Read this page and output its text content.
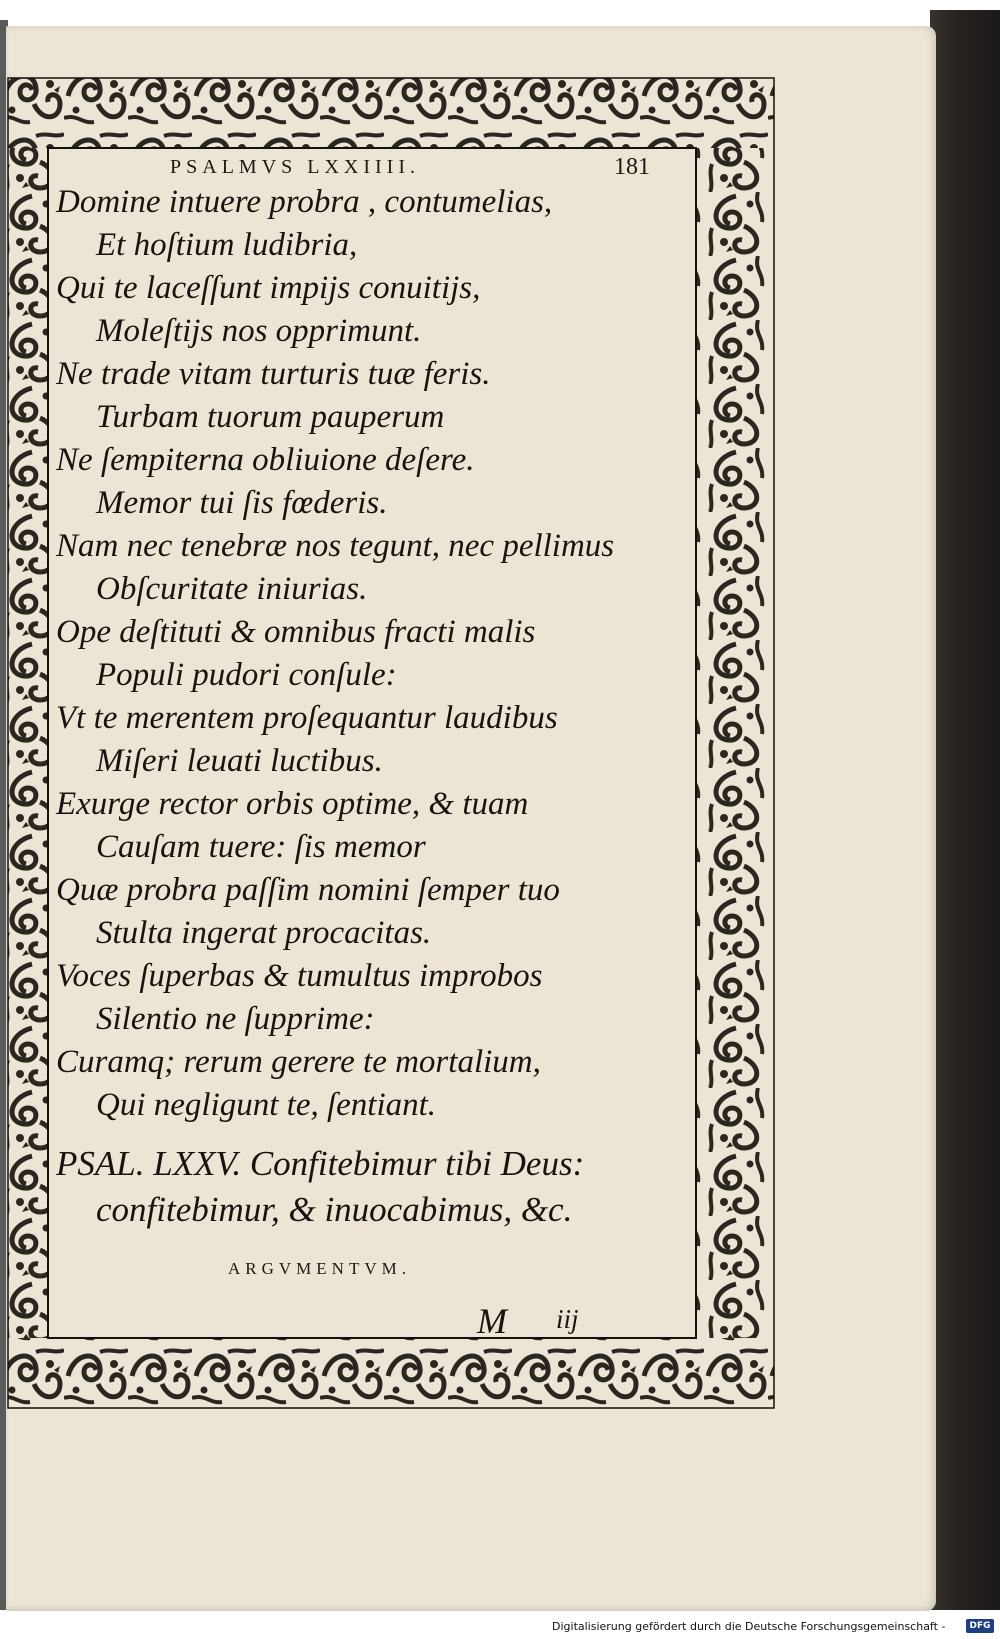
PSALMVS LXXIIII.	181
Domine intuere probra , contumelias,
Et hoſtium ludibria,
Qui te laceſſunt impijs conuitijs,
Moleſtijs nos opprimunt.
Ne trade vitam turturis tuæ feris.
Turbam tuorum pauperum
Ne ſempiterna obliuione deſere.
Memor tui ſis fœderis.
Nam nec tenebræ nos tegunt, nec pellimus
Obſcuritate iniurias.
Ope deſtituti & omnibus fracti malis
Populi pudori conſule:
Vt te merentem proſequantur laudibus
Miſeri leuati luctibus.
Exurge rector orbis optime, & tuam
Cauſam tuere: ſis memor
Quæ probra paſſim nomini ſemper tuo
Stulta ingerat procacitas.
Voces ſuperbas & tumultus improbos
Silentio ne ſupprime:
Curamq; rerum gerere te mortalium,
Qui negligunt te, ſentiant.
PSAL. LXXV. Confitebimur tibi Deus:
confitebimur, & inuocabimus, &c.
ARGVMENTVM.
M iij
Digitalisierung gefördert durch die Deutsche Forschungsgemeinschaft -	DFG
